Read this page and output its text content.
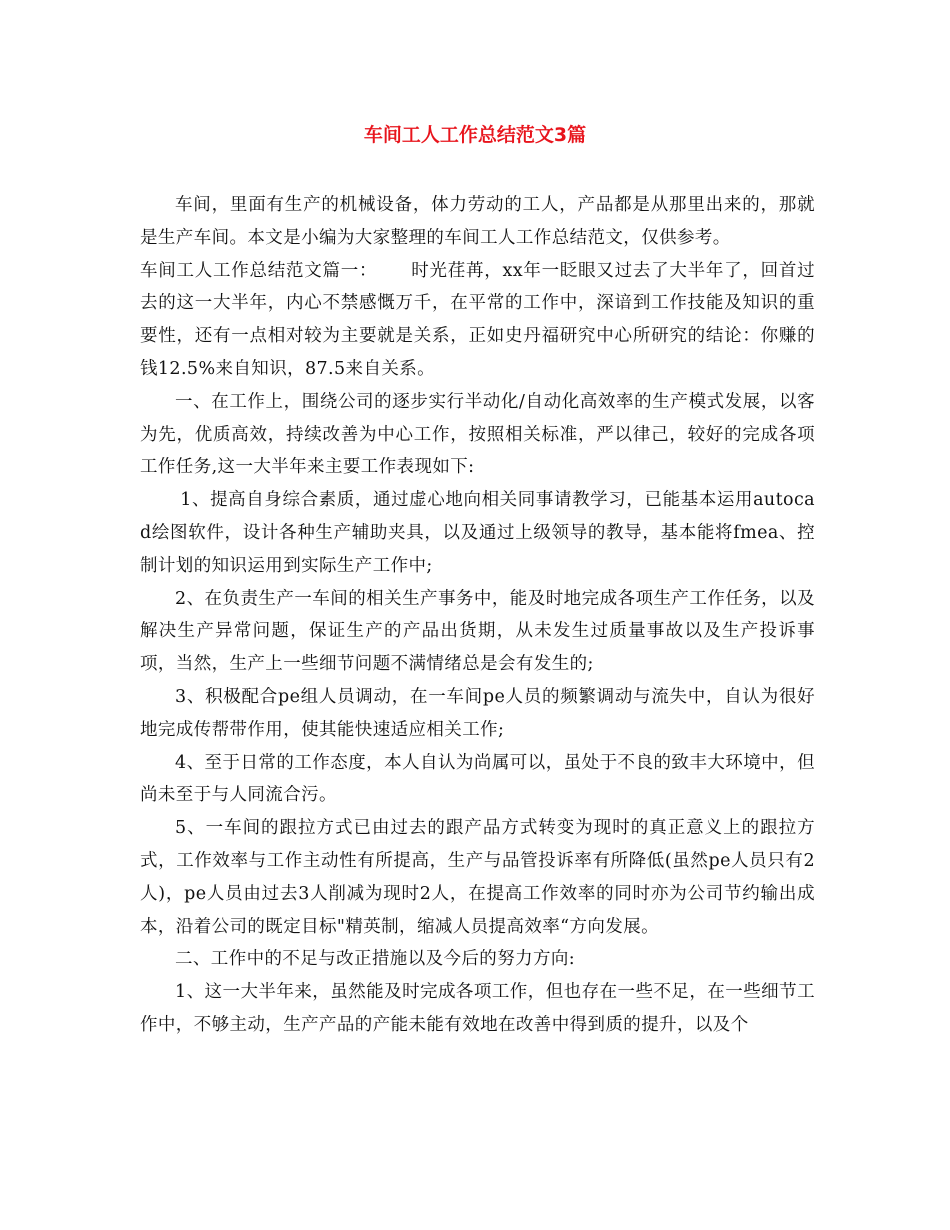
车间工人工作总结范文3篇

车间，里面有生产的机械设备，体力劳动的工人，产品都是从那里出来的，那就是生产车间。本文是小编为大家整理的车间工人工作总结范文，仅供参考。

车间工人工作总结范文篇一：　　 时光荏苒，xx年一眨眼又过去了大半年了，回首过去的这一大半年，内心不禁感慨万千，在平常的工作中，深谙到工作技能及知识的重要性，还有一点相对较为主要就是关系，正如史丹福研究中心所研究的结论：你赚的钱12.5%来自知识，87.5来自关系。

一、在工作上，围绕公司的逐步实行半动化/自动化高效率的生产模式发展，以客为先，优质高效，持续改善为中心工作，按照相关标准，严以律己，较好的完成各项工作任务,这一大半年来主要工作表现如下:

1、提高自身综合素质，通过虚心地向相关同事请教学习，已能基本运用autocad绘图软件，设计各种生产辅助夹具，以及通过上级领导的教导，基本能将fmea、控制计划的知识运用到实际生产工作中;

2、在负责生产一车间的相关生产事务中，能及时地完成各项生产工作任务，以及解决生产异常问题，保证生产的产品出货期，从未发生过质量事故以及生产投诉事项，当然，生产上一些细节问题不满情绪总是会有发生的;

3、积极配合pe组人员调动，在一车间pe人员的频繁调动与流失中，自认为很好地完成传帮带作用，使其能快速适应相关工作;

4、至于日常的工作态度，本人自认为尚属可以，虽处于不良的致丰大环境中，但尚未至于与人同流合污。

5、一车间的跟拉方式已由过去的跟产品方式转变为现时的真正意义上的跟拉方式，工作效率与工作主动性有所提高，生产与品管投诉率有所降低(虽然pe人员只有2人)，pe人员由过去3人削减为现时2人，在提高工作效率的同时亦为公司节约输出成本，沿着公司的既定目标"精英制，缩减人员提高效率“方向发展。

二、工作中的不足与改正措施以及今后的努力方向:

1、这一大半年来，虽然能及时完成各项工作，但也存在一些不足，在一些细节工作中，不够主动，生产产品的产能未能有效地在改善中得到质的提升，以及个
